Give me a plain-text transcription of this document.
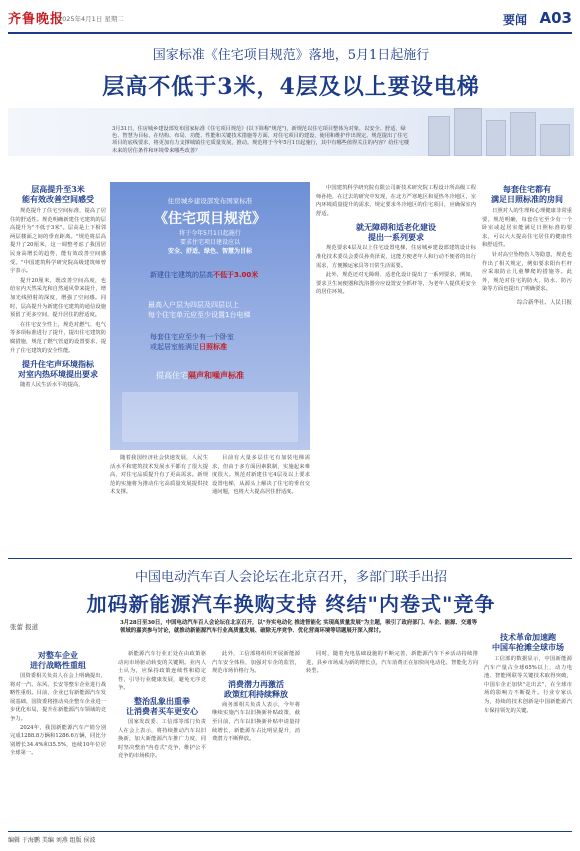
齐鲁晚报
2025年4月1日 星期二	要闻 A03
国家标准《住宅项目规范》落地，5月1日起施行
层高不低于3米，4层及以上要设电梯
3月31日，住房城乡建设部发布国家标准《住宅项目规范》(以下简称"规范")，新规范以住宅项目整体为对象，以安全、舒适、绿色、智慧为目标，在结构、布局、功能、性能和关键技术措施等方面，对住宅项目的建设、使用和维护作出规定。规范提出了住宅项目的底线要求，将更加有力支撑城镇住宅质量发展，推动。规范将于今年5月1日起施行，其中有哪些值得关注的内容？给住宅楼未来的居住条件和环境带来哪些改善？
层高提升至3米
能有效改善空间感受
规范提升了住宅空间标准，提高了居住的舒适性。规范明确新建住宅建筑的层高提升为"不低于3米"。层高是上下相邻两层楼面之间的垂直距离。"规范将层高提升了20厘米，这一调整考虑了我国居民身高增长的趋势，能有效改善空间感受。"中国建筑科学研究院高级建筑师曾宇表示。
提升20厘米，既改善空间高度，也给室内天然采光和自然通风带来提升，增加光线照射的深度，增强了空间感。同时，层高提升为新建住宅建筑的通信设施预留了更多空间，提升居住的舒适度。
在住宅安全性上，规范对燃气、电气等多项标准进行了提升，提出住宅建筑防腐措施，规范了燃气管道的设置要求，提升了住宅建筑的安全性能。
提升住宅声环境指标
对室内热环境提出要求
随着人民生活水平的提高，
住房城乡建设部发布国家标准
《住宅项目规范》
将于今年5月1日起施行
要求住宅项目建设应以
安全、舒适、绿色、智慧为目标
新建住宅建筑的层高不低于3.00米
最高入户层为四层及四层以上
每个住宅单元应至少设置1台电梯
每套住宅应至少有一个卧室
或起居室能满足日照标准
提高住宅隔声和噪声标准
随着我国经济社会快速发展，人民生活水平和建筑技术发展水平都有了很大提高，对住宅品质提升有了更高需求。新规范的实施将为推动住宅高质量发展提供技术支撑。
目前有大量多层住宅有加装电梯需求，但由于多方面因素限制，实施起来难度很大。规范对新建住宅4层及以上要求设置电梯，从源头上解决了住宅的垂直交通问题，也将大大提高居住舒适度。
中国建筑科学研究院有限公司新技术研究院工程设计所高级工程师孙艳，在过去的研究中发现，在北方严寒地区和夏热冬冷地区，室内环境质量提升的需求，规定要求冬冷地区的住宅项目，应确保室内舒适。
就无障碍和适老化建设
提出一系列要求
规范要求4层及以上住宅设置电梯，住房城乡建设部建筑设计标准化技术委员会委员孙英泽说，这能方便老年人和行动不便者的出行需求，方便搬运家具等日常生活需要。
此外，规范还对无障碍、适老化设计提出了一系列要求，例如，要求卫生间便器和洗浴器旁应设置安全抓杆等，为老年人提供更安全的居住环境。
每套住宅都有
满足日照标准的房间
日照对人的生理和心理健康非常重要。规范明确，每套住宅至少有一个卧室或起居室能满足日照标准的要求，可以大大提高住宅居住的健康性和舒适性。
针对高空坠物伤人等隐患，规范也作出了相关规定，例如要求阳台栏杆应采取防止儿童攀爬的措施等。此外，规范对住宅的防火、防水、防污染等方面也提出了明确要求。
综合新华社、人民日报
中国电动汽车百人会论坛在北京召开，多部门联手出招
加码新能源汽车换购支持 终结"内卷式"竞争
张蕾 报道	3月28日至30日，中国电动汽车百人会论坛在北京召开，以"夯实电动化 推进智能化 实现高质量发展"为主题，吸引了政府部门、车企、能源、交通等领域的嘉宾参与讨论，就推动新能源汽车行业高质量发展、破除无序竞争、优化营商环境等话题展开深入探讨。
对整车企业
进行战略性重组
国资委相关负责人在会上明确提出，将对一汽、东风、长安等整车企业进行战略性重组。目前，企业已有新能源汽车发展基础，国资委将推动央企整车企业进一步优化布局，提升在新能源汽车领域的竞争力。
2024年，我国新能源汽车产销分别完成1288.8万辆和1286.6万辆，同比分别增长34.4%和35.5%，连续10年位居全球第一。
新能源汽车行业正处在由政策驱动向市场驱动转变的关键期。业内人士认为，应保持政策连续性和稳定性，引导行业健康发展，避免无序竞争。
整治乱象出重拳
让消费者买车更安心
国家发改委、工信部等部门负责人在会上表示，将持续推动汽车以旧换新，加大新能源汽车推广力度，同时坚决整治"内卷式"竞争，维护公平竞争的市场秩序。
此外，工信部将组织开展新能源汽车安全体检，加强对车企的监管，规范市场价格行为。
消费潜力再激活
政策红利持续释放
商务部相关负责人表示，今年将继续实施汽车以旧换新补贴政策，截至目前，汽车以旧换新补贴申请量持续增长，新能源车占比明显提升，消费潜力不断释放。
同时，随着充电基础设施的不断完善，新能源汽车下乡活动持续推进，县乡市场成为新的增长点，汽车消费正在加快向电动化、智能化方向转型。
技术革命加速跑
中国车抢滩全球市场
工信部的数据显示，中国新能源汽车产量占全球65%以上，动力电池、智能网联等关键技术取得突破，中国车企正加快"走出去"，在全球市场的影响力不断提升。行业专家认为，持续的技术创新是中国新能源汽车保持领先的关键。
编辑 于海鹏 美编 刘燕 组版 侯波
